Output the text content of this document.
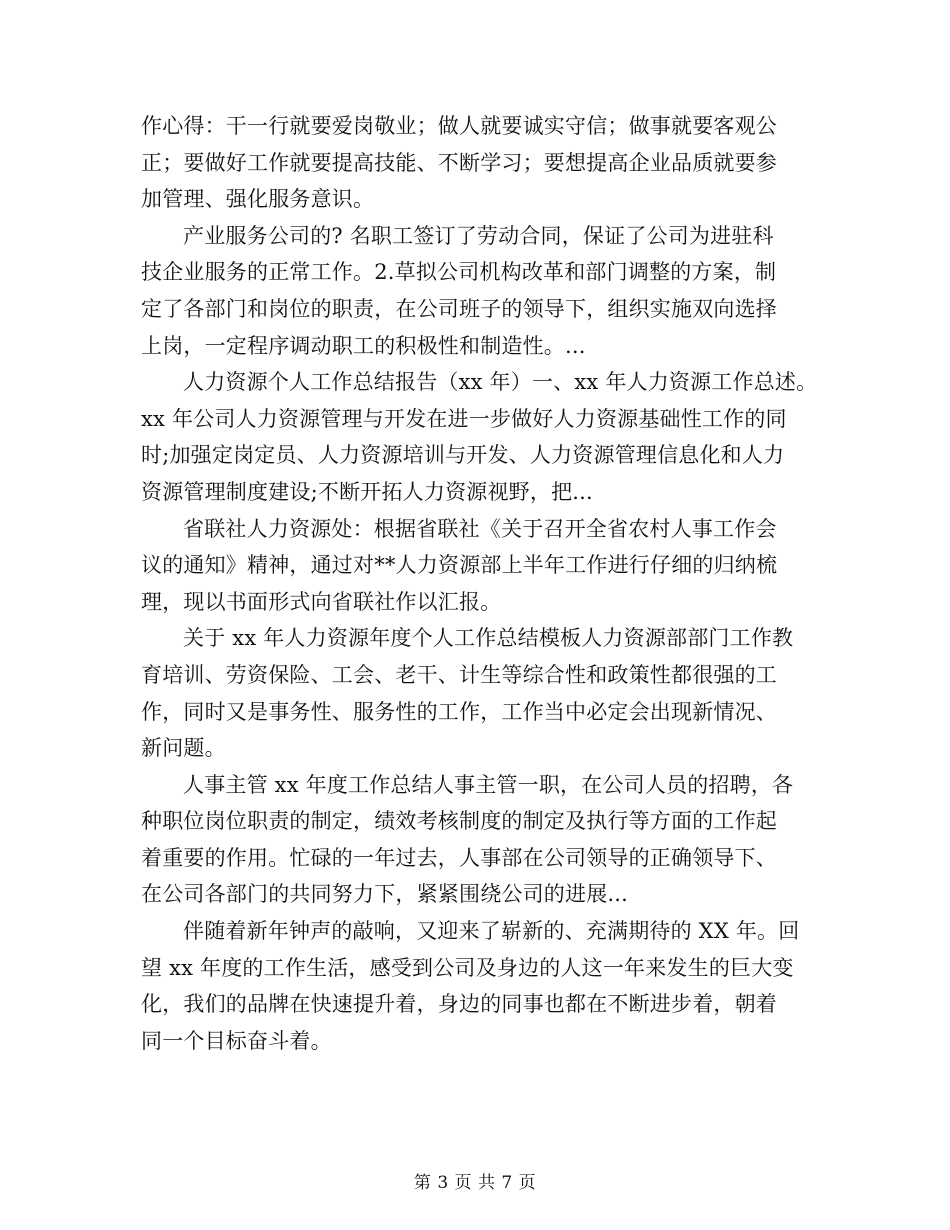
作心得：干一行就要爱岗敬业；做人就要诚实守信；做事就要客观公
正；要做好工作就要提高技能、不断学习；要想提高企业品质就要参
加管理、强化服务意识。

产业服务公司的? 名职工签订了劳动合同，保证了公司为进驻科
技企业服务的正常工作。2.草拟公司机构改革和部门调整的方案，制
定了各部门和岗位的职责，在公司班子的领导下，组织实施双向选择
上岗，一定程序调动职工的积极性和制造性。...

人力资源个人工作总结报告（xx 年）一、xx 年人力资源工作总述。
xx 年公司人力资源管理与开发在进一步做好人力资源基础性工作的同
时;加强定岗定员、人力资源培训与开发、人力资源管理信息化和人力
资源管理制度建设;不断开拓人力资源视野，把...

省联社人力资源处：根据省联社《关于召开全省农村人事工作会
议的通知》精神，通过对**人力资源部上半年工作进行仔细的归纳梳
理，现以书面形式向省联社作以汇报。

关于 xx 年人力资源年度个人工作总结模板人力资源部部门工作教
育培训、劳资保险、工会、老干、计生等综合性和政策性都很强的工
作，同时又是事务性、服务性的工作，工作当中必定会出现新情况、
新问题。

人事主管 xx 年度工作总结人事主管一职，在公司人员的招聘，各
种职位岗位职责的制定，绩效考核制度的制定及执行等方面的工作起
着重要的作用。忙碌的一年过去，人事部在公司领导的正确领导下、
在公司各部门的共同努力下，紧紧围绕公司的进展...

伴随着新年钟声的敲响，又迎来了崭新的、充满期待的 XX 年。回
望 xx 年度的工作生活，感受到公司及身边的人这一年来发生的巨大变
化，我们的品牌在快速提升着，身边的同事也都在不断进步着，朝着
同一个目标奋斗着。

第 3 页 共 7 页
